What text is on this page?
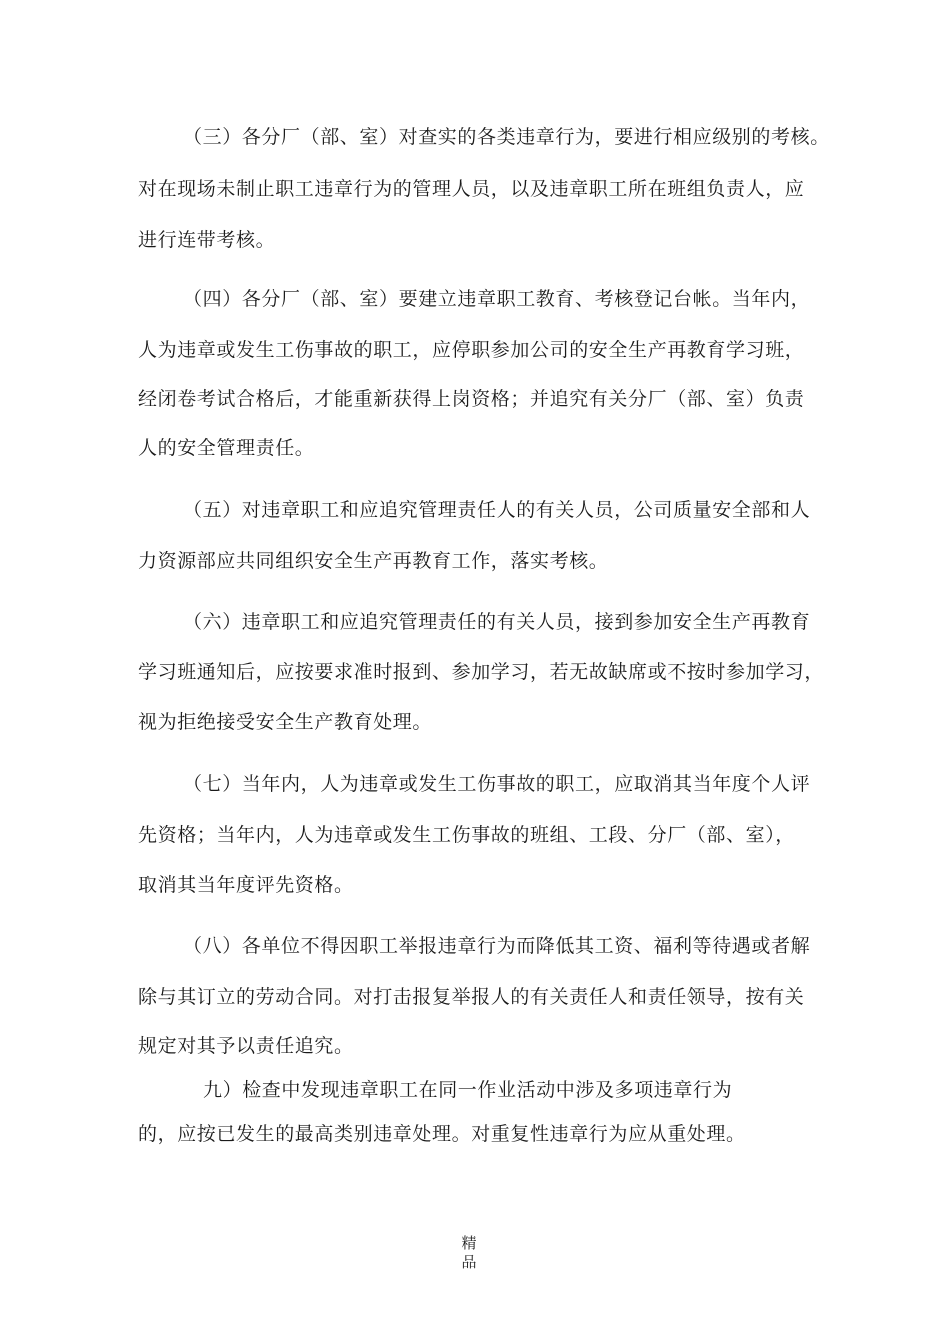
（三）各分厂（部、室）对查实的各类违章行为，要进行相应级别的考核。
对在现场未制止职工违章行为的管理人员，以及违章职工所在班组负责人，应
进行连带考核。
（四）各分厂（部、室）要建立违章职工教育、考核登记台帐。当年内，
人为违章或发生工伤事故的职工，应停职参加公司的安全生产再教育学习班，
经闭卷考试合格后，才能重新获得上岗资格；并追究有关分厂（部、室）负责
人的安全管理责任。
（五）对违章职工和应追究管理责任人的有关人员，公司质量安全部和人
力资源部应共同组织安全生产再教育工作，落实考核。
（六）违章职工和应追究管理责任的有关人员，接到参加安全生产再教育
学习班通知后，应按要求准时报到、参加学习，若无故缺席或不按时参加学习，
视为拒绝接受安全生产教育处理。
（七）当年内，人为违章或发生工伤事故的职工，应取消其当年度个人评
先资格；当年内，人为违章或发生工伤事故的班组、工段、分厂（部、室），
取消其当年度评先资格。
（八）各单位不得因职工举报违章行为而降低其工资、福利等待遇或者解
除与其订立的劳动合同。对打击报复举报人的有关责任人和责任领导，按有关
规定对其予以责任追究。
九）检查中发现违章职工在同一作业活动中涉及多项违章行为
的，应按已发生的最高类别违章处理。对重复性违章行为应从重处理。
精
品
